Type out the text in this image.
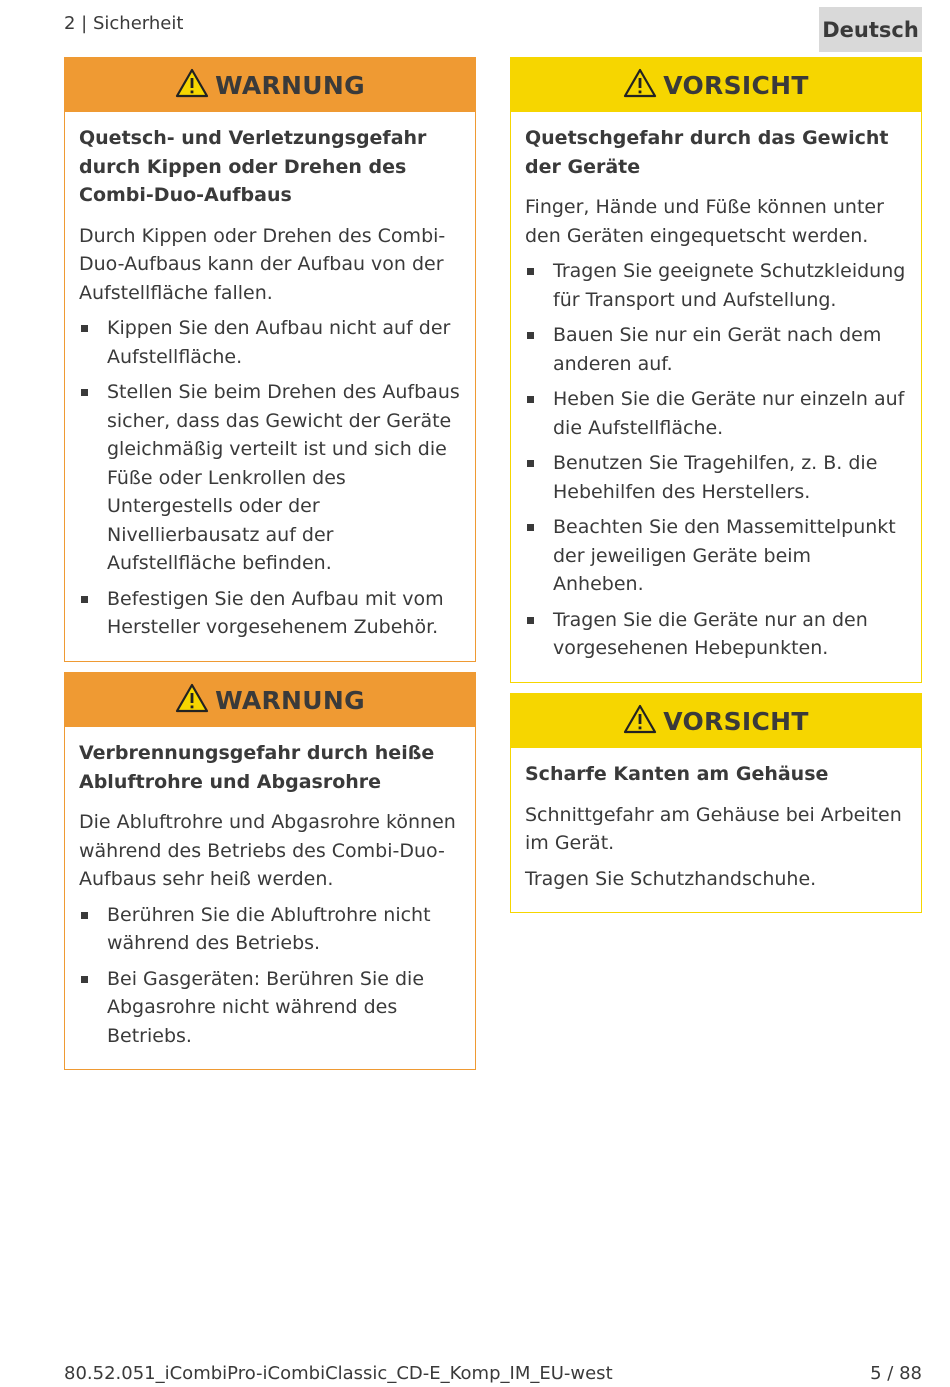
2 | Sicherheit	Deutsch
WARNUNG
Quetsch- und Verletzungsgefahr durch Kippen oder Drehen des Combi-Duo-Aufbaus
Durch Kippen oder Drehen des Combi-Duo-Aufbaus kann der Aufbau von der Aufstellfläche fallen.
Kippen Sie den Aufbau nicht auf der Aufstellfläche.
Stellen Sie beim Drehen des Aufbaus sicher, dass das Gewicht der Geräte gleichmäßig verteilt ist und sich die Füße oder Lenkrollen des Untergestells oder der Nivellierbausatz auf der Aufstellfläche befinden.
Befestigen Sie den Aufbau mit vom Hersteller vorgesehenem Zubehör.
WARNUNG
Verbrennungsgefahr durch heiße Abluftrohre und Abgasrohre
Die Abluftrohre und Abgasrohre können während des Betriebs des Combi-Duo-Aufbaus sehr heiß werden.
Berühren Sie die Abluftrohre nicht während des Betriebs.
Bei Gasgeräten: Berühren Sie die Abgasrohre nicht während des Betriebs.
VORSICHT
Quetschgefahr durch das Gewicht der Geräte
Finger, Hände und Füße können unter den Geräten eingequetscht werden.
Tragen Sie geeignete Schutzkleidung für Transport und Aufstellung.
Bauen Sie nur ein Gerät nach dem anderen auf.
Heben Sie die Geräte nur einzeln auf die Aufstellfläche.
Benutzen Sie Tragehilfen, z. B. die Hebehilfen des Herstellers.
Beachten Sie den Massemittelpunkt der jeweiligen Geräte beim Anheben.
Tragen Sie die Geräte nur an den vorgesehenen Hebepunkten.
VORSICHT
Scharfe Kanten am Gehäuse
Schnittgefahr am Gehäuse bei Arbeiten im Gerät.
Tragen Sie Schutzhandschuhe.
80.52.051_iCombiPro-iCombiClassic_CD-E_Komp_IM_EU-west	5 / 88
